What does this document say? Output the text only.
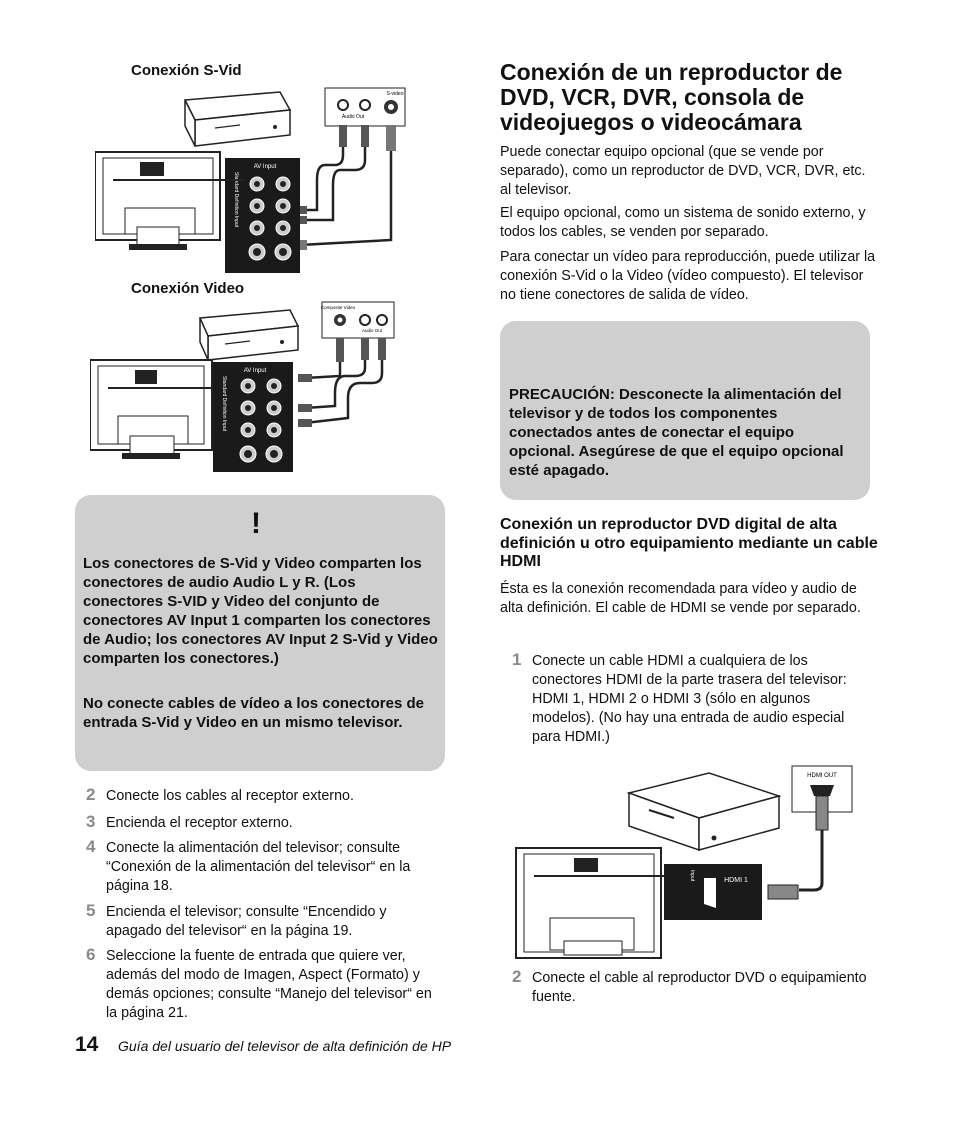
Conexión S-Vid
S-video
Audio Out
AV Input
Standard Definition Input
Conexión Video
Composite Video
Audio Out
AV Input
Standard Definition Input
!

Los conectores de S-Vid y Video comparten los conectores de audio Audio L y R. (Los conectores S-VID y Video del conjunto de conectores AV Input 1 comparten los conectores de Audio; los conectores AV Input 2 S-Vid y Video comparten los conectores.)

No conecte cables de vídeo a los conectores de entrada S-Vid y Video en un mismo televisor.

2 Conecte los cables al receptor externo.
3 Encienda el receptor externo.
4 Conecte la alimentación del televisor; consulte “Conexión de la alimentación del televisor“ en la página 18.
5 Encienda el televisor; consulte “Encendido y apagado del televisor“ en la página 19.
6 Seleccione la fuente de entrada que quiere ver, además del modo de Imagen, Aspect (Formato) y demás opciones; consulte “Manejo del televisor“ en la página 21.
Conexión de un reproductor de DVD, VCR, DVR, consola de videojuegos o videocámara

Puede conectar equipo opcional (que se vende por separado), como un reproductor de DVD, VCR, DVR, etc. al televisor.

El equipo opcional, como un sistema de sonido externo, y todos los cables, se venden por separado.

Para conectar un vídeo para reproducción, puede utilizar la conexión S-Vid o la Video (vídeo compuesto). El televisor no tiene conectores de salida de vídeo.

PRECAUCIÓN: Desconecte la alimentación del televisor y de todos los componentes conectados antes de conectar el equipo opcional. Asegúrese de que el equipo opcional esté apagado.

Conexión un reproductor DVD digital de alta definición u otro equipamiento mediante un cable HDMI

Ésta es la conexión recomendada para vídeo y audio de alta definición. El cable de HDMI se vende por separado.

1 Conecte un cable HDMI a cualquiera de los conectores HDMI de la parte trasera del televisor: HDMI 1, HDMI 2 o HDMI 3 (sólo en algunos modelos). (No hay una entrada de audio especial para HDMI.)
HDMI OUT
Input	HDMI 1
2 Conecte el cable al reproductor DVD o equipamiento fuente.
14 Guía del usuario del televisor de alta definición de HP
